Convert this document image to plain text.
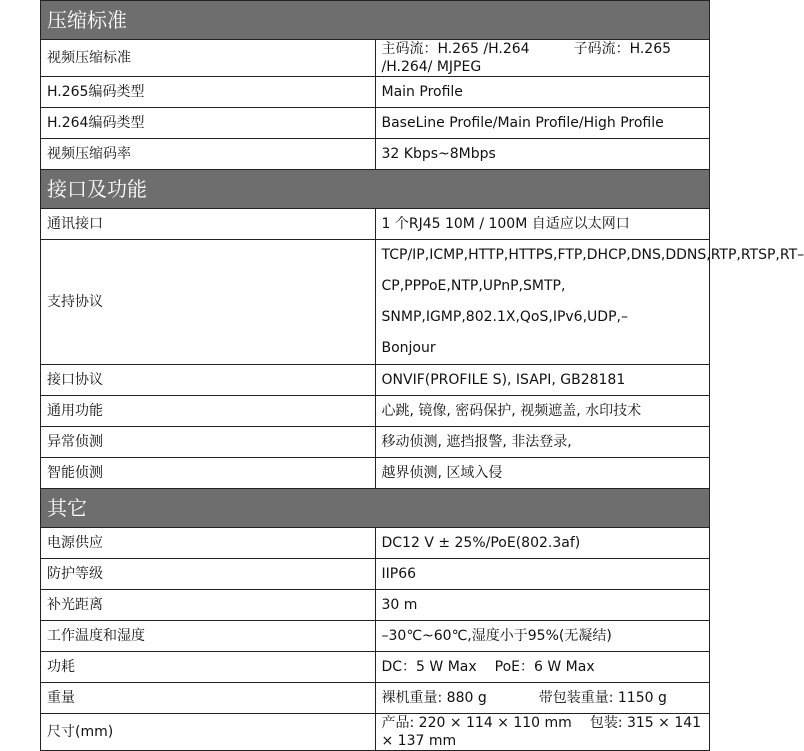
压缩标准	
视频压缩标准	主码流：H.265 /H.264 子码流：H.265 /H.264/ MJPEG
H.265编码类型	Main Profile
H.264编码类型	BaseLine Profile/Main Profile/High Profile
视频压缩码率	32 Kbps~8Mbps
接口及功能	
通讯接口	1 个RJ45 10M / 100M 自适应以太网口
支持协议	TCP/IP,ICMP,HTTP,HTTPS,FTP,DHCP,DNS,DDNS,RTP,RTSP,RT–
CP,PPPoE,NTP,UPnP,SMTP, SNMP,IGMP,802.1X,QoS,IPv6,UDP,–
Bonjour

接口协议	ONVIF(PROFILE S), ISAPI, GB28181
通用功能	心跳, 镜像, 密码保护, 视频遮盖, 水印技术
异常侦测	移动侦测, 遮挡报警, 非法登录,
智能侦测	越界侦测, 区域入侵
其它	
电源供应	DC12 V ± 25%/PoE(802.3af)
防护等级	IIP66
补光距离	30 m
工作温度和湿度	–30℃~60℃,湿度小于95%(无凝结)
功耗	DC：5 W Max PoE：6 W Max
重量	裸机重量: 880 g 带包装重量: 1150 g
尺寸(mm)	产品: 220 × 114 × 110 mm 包装: 315 × 141 × 137 mm
